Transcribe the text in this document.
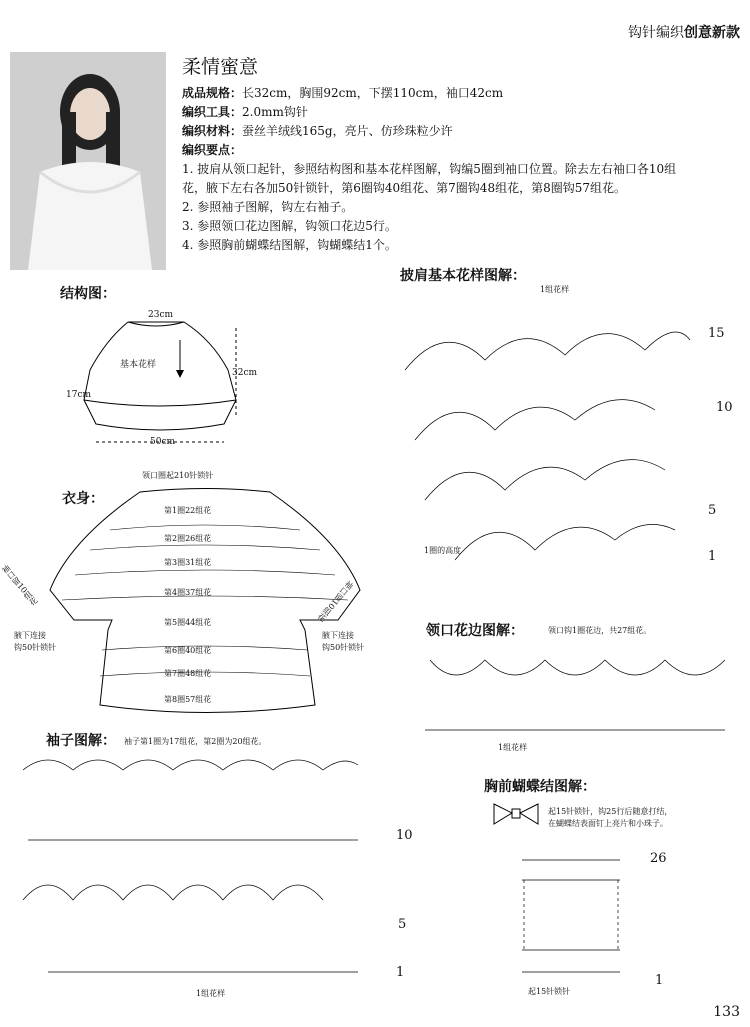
钩针编织创意新款
柔情蜜意
成品规格：长32cm，胸围92cm，下摆110cm，袖口42cm
编织工具：2.0mm钩针
编织材料：蚕丝羊绒线165g，亮片、仿珍珠粒少许
编织要点：
1. 披肩从领口起针，参照结构图和基本花样图解，钩编5圈到袖口位置。除去左右袖口各10组
花，腋下左右各加50针锁针，第6圈钩40组花、第7圈钩48组花，第8圈钩57组花。
2. 参照袖子图解，钩左右袖子。
3. 参照领口花边图解，钩领口花边5行。
4. 参照胸前蝴蝶结图解，钩蝴蝶结1个。
结构图：
23cm
基本花样
32cm
17cm
50cm
领口圈起210针锁针
衣身：
第1圈22组花
第2圈26组花
第3圈31组花
第4圈37组花
第5圈44组花
第6圈40组花
第7圈48组花
第8圈57组花
袖口留10组花	袖口留10组花
腋下连接
钩50针锁针
腋下连接
钩50针锁针
披肩基本花样图解：
1组花样
1圈的高度
15
10
5
1
领口花边图解：	领口钩1圈花边，共27组花。
1组花样
袖子图解： 袖子第1圈为17组花，第2圈为20组花。
10
5
1
1组花样
胸前蝴蝶结图解：
起15针锁针，钩25行后随意打结，
在蝴蝶结表面钉上亮片和小珠子。
26
1
起15针锁针
133
